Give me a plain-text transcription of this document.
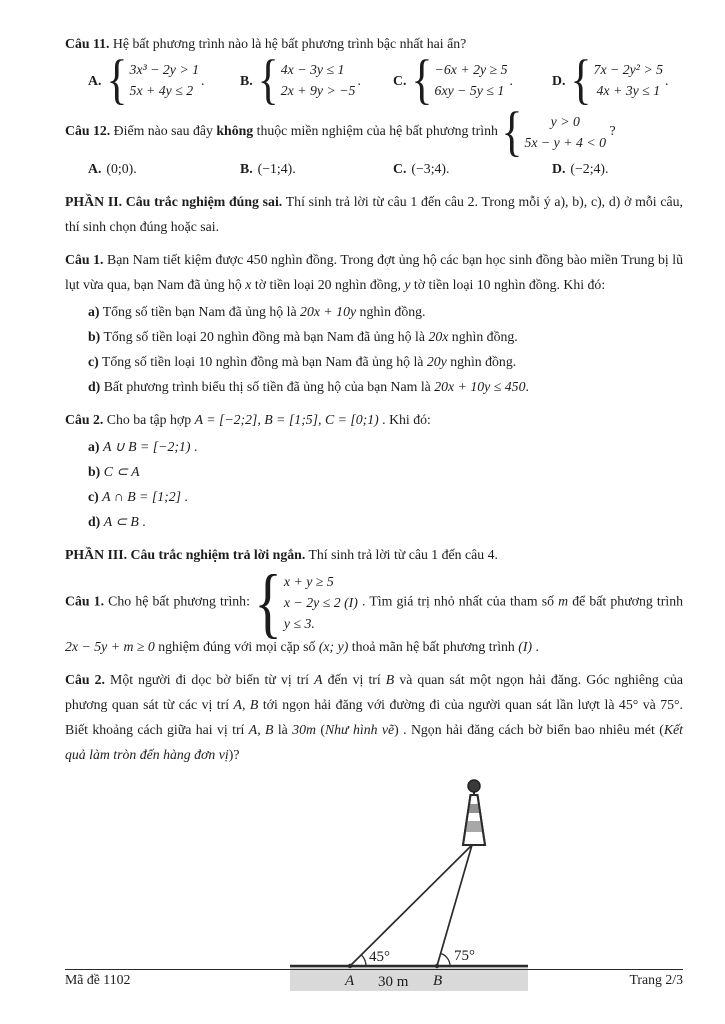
Câu 11. Hệ bất phương trình nào là hệ bất phương trình bậc nhất hai ẩn?

A. { 3x³ − 2y > 1
5x + 4y ≤ 2
.	B. { 4x − 3y ≤ 1
2x + 9y > −5
. C. { −6x + 2y ≥ 5
6xy − 5y ≤ 1
.	D. { 7x − 2y² > 5
4x + 3y ≤ 1
.

Câu 12. Điểm nào sau đây không thuộc miền nghiệm của hệ bất phương trình { y > 0
5x − y + 4 < 0
?

A. (0;0).	B. (−1;4).	C. (−3;4).	D. (−2;4).

PHẦN II. Câu trắc nghiệm đúng sai. Thí sinh trả lời từ câu 1 đến câu 2. Trong mỗi ý a), b), c), d) ở mỗi câu, thí sinh chọn đúng hoặc sai.

Câu 1. Bạn Nam tiết kiệm được 450 nghìn đồng. Trong đợt ủng hộ các bạn học sinh đồng bào miền Trung bị lũ lụt vừa qua, bạn Nam đã ủng hộ x tờ tiền loại 20 nghìn đồng, y tờ tiền loại 10 nghìn đồng. Khi đó:

a) Tổng số tiền bạn Nam đã ủng hộ là 20x + 10y nghìn đồng.

b) Tổng số tiền loại 20 nghìn đồng mà bạn Nam đã ủng hộ là 20x nghìn đồng.

c) Tổng số tiền loại 10 nghìn đồng mà bạn Nam đã ủng hộ là 20y nghìn đồng.

d) Bất phương trình biểu thị số tiền đã ủng hộ của bạn Nam là 20x + 10y ≤ 450.

Câu 2. Cho ba tập hợp A = [−2;2], B = [1;5], C = [0;1) . Khi đó:

a) A ∪ B = [−2;1) .

b) C ⊂ A

c) A ∩ B = [1;2] .

d) A ⊂ B .

PHẦN III. Câu trắc nghiệm trả lời ngắn. Thí sinh trả lời từ câu 1 đến câu 4.

Câu 1. Cho hệ bất phương trình: { x + y ≥ 5
x − 2y ≤ 2 (I)
y ≤ 3.
. Tìm giá trị nhỏ nhất của tham số m để bất phương trình 2x − 5y + m ≥ 0 nghiệm đúng với mọi cặp số (x; y) thoả mãn hệ bất phương trình (I) .

Câu 2. Một người đi dọc bờ biển từ vị trí A đến vị trí B và quan sát một ngọn hải đăng. Góc nghiêng của phương quan sát từ các vị trí A, B tới ngọn hải đăng với đường đi của người quan sát lần lượt là 45° và 75°. Biết khoảng cách giữa hai vị trí A, B là 30m (Như hình vẽ) . Ngọn hải đăng cách bờ biển bao nhiêu mét (Kết quả làm tròn đến hàng đơn vị)?

45°	75°
A 30 m B
Mã đề 1102	Trang 2/3
